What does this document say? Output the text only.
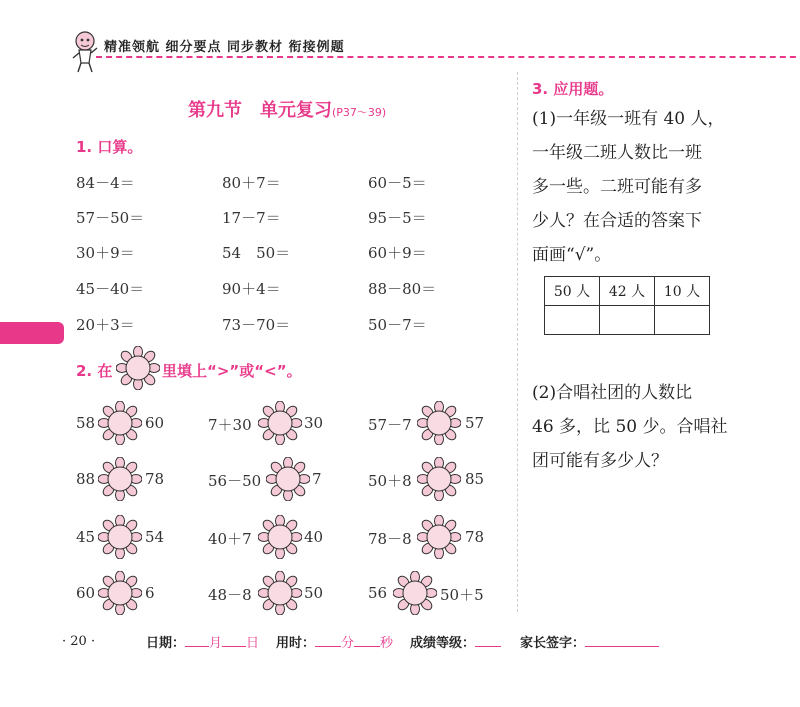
精准领航 细分要点 同步教材 衔接例题
第九节　单元复习(P37～39)
1. 口算。
84－4＝	80＋7＝	60－5＝
57－50＝	17－7＝	95－5＝
30＋9＝	54　50＝	60＋9＝
45－40＝	90＋4＝	88－80＝
20＋3＝	73－70＝	50－7＝
2. 在	里填上“>”或“<”。
58	60	7＋30	30	57－7	57
88	78	56－50	7	50＋8	85
45	54	40＋7	40	78－8	78
60	6	48－8	50	56	50＋5
3. 应用题。
(1)一年级一班有 40 人，
一年级二班人数比一班
多一些。二班可能有多
少人？在合适的答案下
面画“√”。
50 人	42 人	10 人

(2)合唱社团的人数比
46 多，比 50 少。合唱社
团可能有多少人？
· 20 ·	日期： 月 日 用时： 分 秒 成绩等级：	家长签字：
